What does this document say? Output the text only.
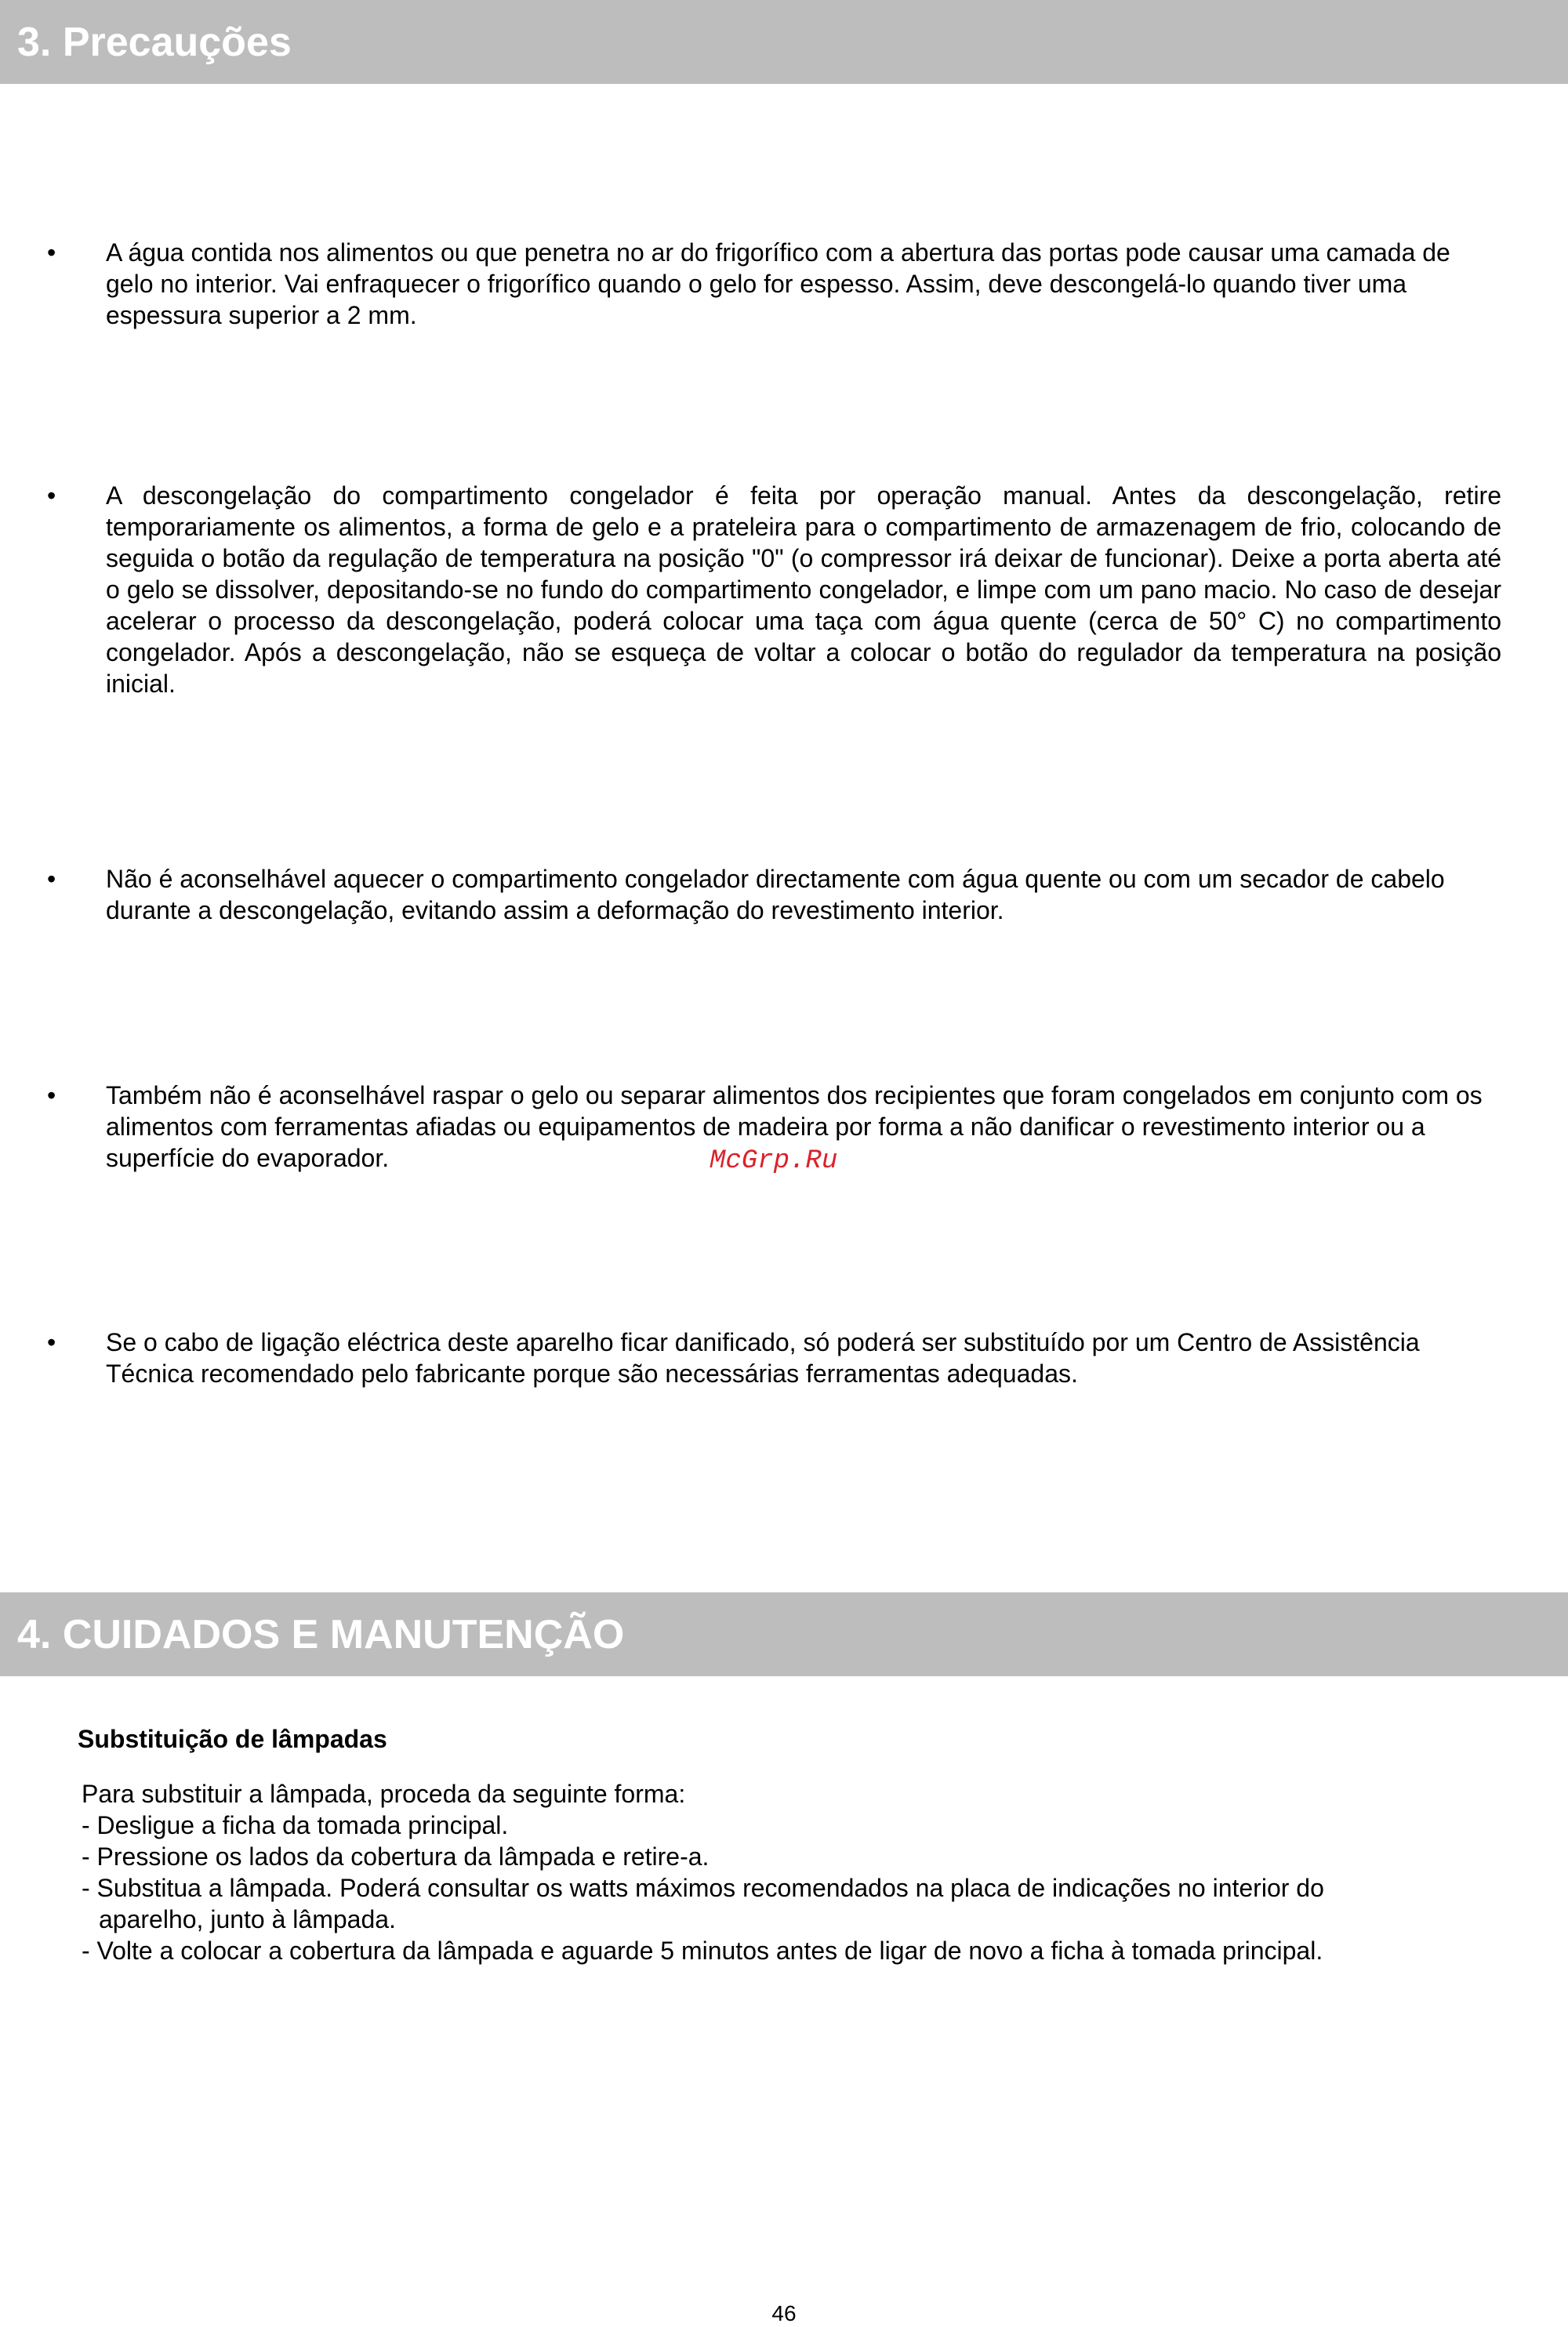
3. Precauções
• A água contida nos alimentos ou que penetra no ar do frigorífico com a abertura das portas pode causar uma camada de gelo no interior. Vai enfraquecer o frigorífico quando o gelo for espesso. Assim, deve descongelá-lo quando tiver uma espessura superior a 2 mm.
• A descongelação do compartimento congelador é feita por operação manual. Antes da descongelação, retire temporariamente os alimentos, a forma de gelo e a prateleira para o compartimento de armazenagem de frio, colocando de seguida o botão da regulação de temperatura na posição "0" (o compressor irá deixar de funcionar). Deixe a porta aberta até o gelo se dissolver, depositando-se no fundo do compartimento congelador, e limpe com um pano macio. No caso de desejar acelerar o processo da descongelação, poderá colocar uma taça com água quente (cerca de 50° C) no compartimento congelador. Após a descongelação, não se esqueça de voltar a colocar o botão do regulador da temperatura na posição inicial.
• Não é aconselhável aquecer o compartimento congelador directamente com água quente ou com um secador de cabelo durante a descongelação, evitando assim a deformação do revestimento interior.
• Também não é aconselhável raspar o gelo ou separar alimentos dos recipientes que foram congelados em conjunto com os alimentos com ferramentas afiadas ou equipamentos de madeira por forma a não danificar o revestimento interior ou a superfície do evaporador.
• Se o cabo de ligação eléctrica deste aparelho ficar danificado, só poderá ser substituído por um Centro de Assistência Técnica recomendado pelo fabricante porque são necessárias ferramentas adequadas.
McGrp.Ru
4. CUIDADOS E MANUTENÇÃO
Substituição de lâmpadas
Para substituir a lâmpada, proceda da seguinte forma:
- Desligue a ficha da tomada principal.
- Pressione os lados da cobertura da lâmpada e retire-a.
- Substitua a lâmpada. Poderá consultar os watts máximos recomendados na placa de indicações no interior do
aparelho, junto à lâmpada.
- Volte a colocar a cobertura da lâmpada e aguarde 5 minutos antes de ligar de novo a ficha à tomada principal.
46
